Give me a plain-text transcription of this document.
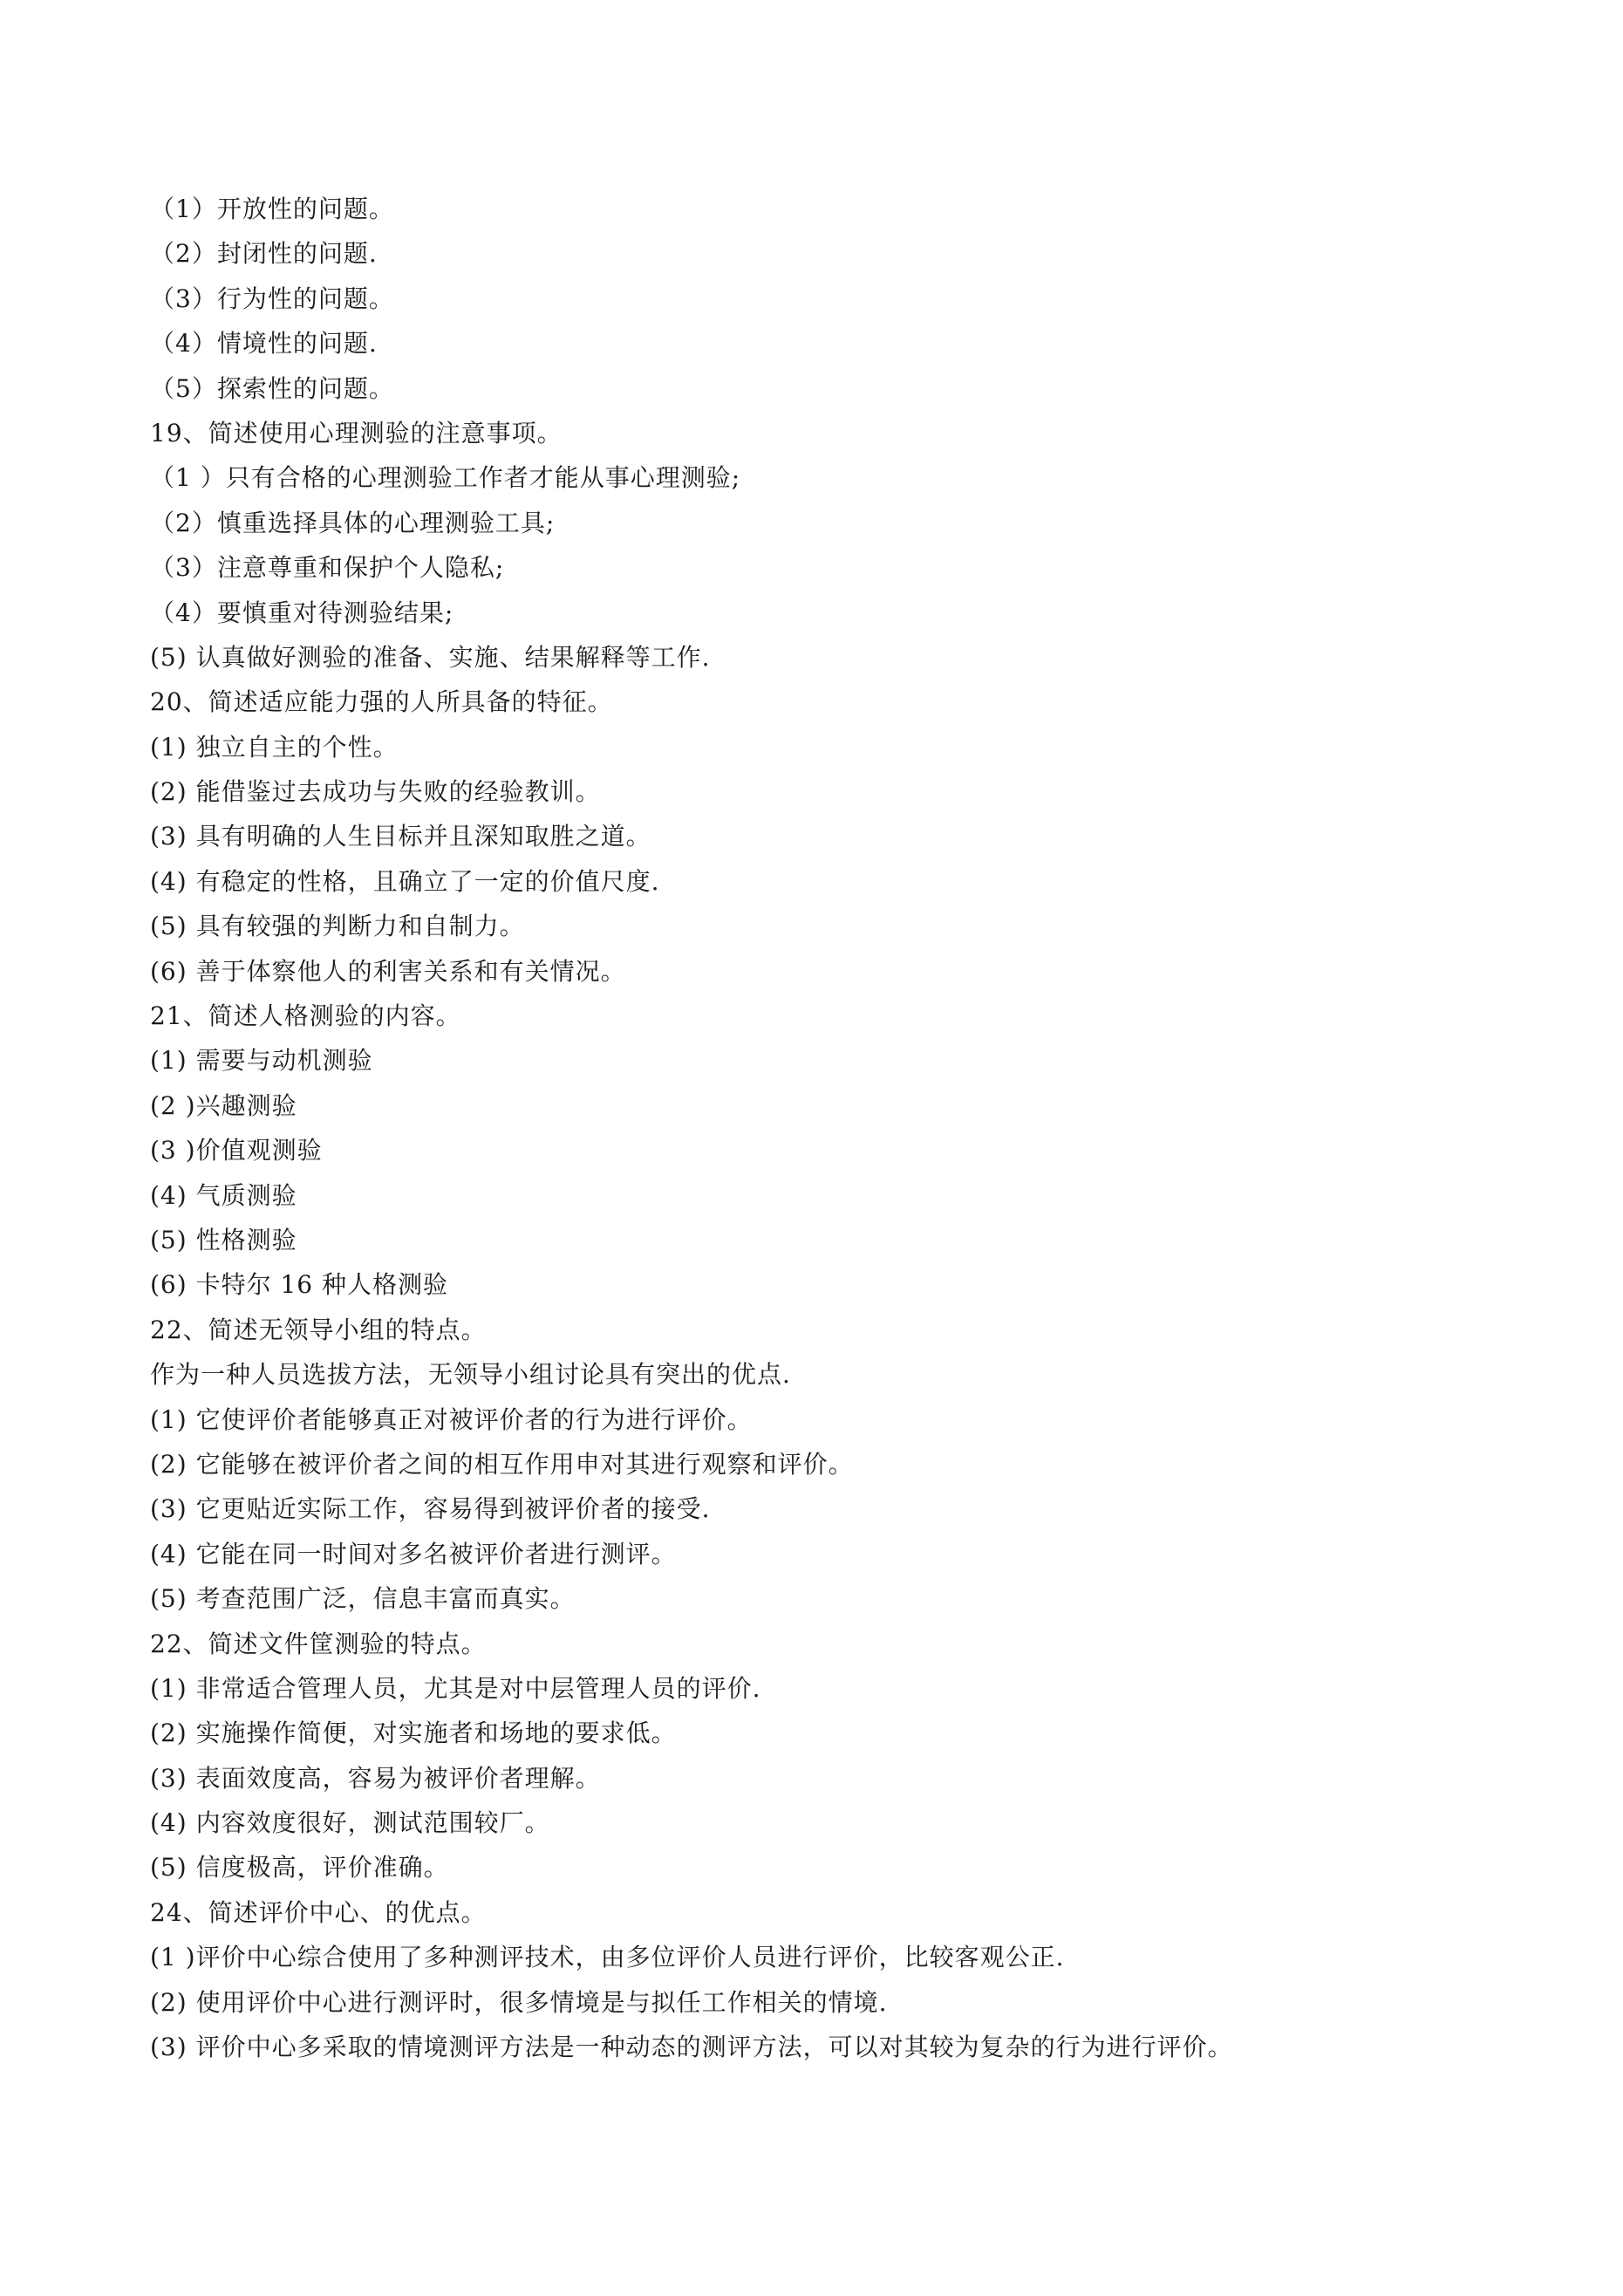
（1）开放性的问题。
（2）封闭性的问题.
（3）行为性的问题。
（4）情境性的问题.
（5）探索性的问题。
19、简述使用心理测验的注意事项。
（1 ）只有合格的心理测验工作者才能从事心理测验;
（2）慎重选择具体的心理测验工具;
（3）注意尊重和保护个人隐私;
（4）要慎重对待测验结果;
(5) 认真做好测验的准备、实施、结果解释等工作.
20、简述适应能力强的人所具备的特征。
(1) 独立自主的个性。
(2) 能借鉴过去成功与失败的经验教训。
(3) 具有明确的人生目标并且深知取胜之道。
(4) 有稳定的性格，且确立了一定的价值尺度.
(5) 具有较强的判断力和自制力。
(6) 善于体察他人的利害关系和有关情况。
21、简述人格测验的内容。
(1) 需要与动机测验
(2 )兴趣测验
(3 )价值观测验
(4) 气质测验
(5) 性格测验
(6) 卡特尔 16 种人格测验
22、简述无领导小组的特点。
作为一种人员选拔方法，无领导小组讨论具有突出的优点.
(1) 它使评价者能够真正对被评价者的行为进行评价。
(2) 它能够在被评价者之间的相互作用申对其进行观察和评价。
(3) 它更贴近实际工作，容易得到被评价者的接受.
(4) 它能在同一时间对多名被评价者进行测评。
(5) 考查范围广泛，信息丰富而真实。
22、简述文件筐测验的特点。
(1) 非常适合管理人员，尤其是对中层管理人员的评价.
(2) 实施操作简便，对实施者和场地的要求低。
(3) 表面效度高，容易为被评价者理解。
(4) 内容效度很好，测试范围较厂。
(5) 信度极高，评价准确。
24、简述评价中心、的优点。
(1 )评价中心综合使用了多种测评技术，由多位评价人员进行评价，比较客观公正.
(2) 使用评价中心进行测评时，很多情境是与拟任工作相关的情境.
(3) 评价中心多采取的情境测评方法是一种动态的测评方法，可以对其较为复杂的行为进行评价。
